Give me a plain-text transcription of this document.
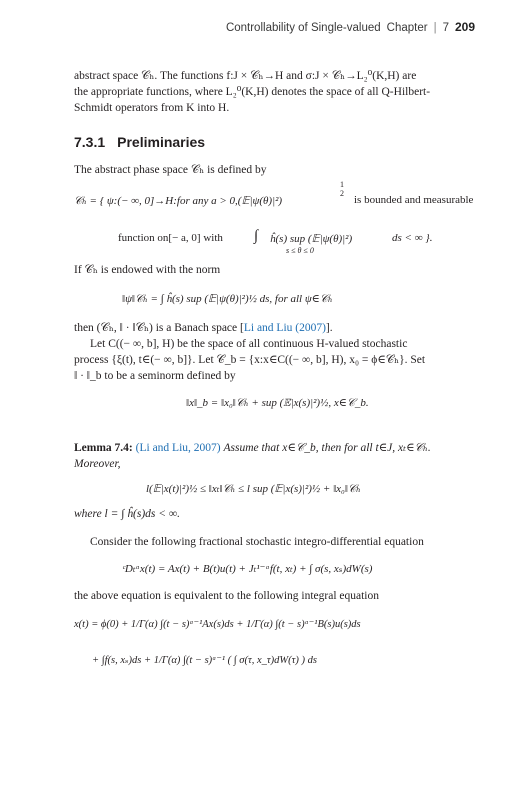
Controllability of Single-valued Chapter | 7 209

abstract space 𝒞ₕ. The functions f:J × 𝒞ₕ→H and σ:J × 𝒞ₕ→L₂⁰(K,H) are

the appropriate functions, where L₂⁰(K,H) denotes the space of all Q-Hilbert-

Schmidt operators from K into H.

7.3.1 Preliminaries

The abstract phase space 𝒞ₕ is defined by

𝒞ₕ = { ψ:(− ∞, 0]→H:for any a > 0,(𝔼|ψ(θ)|²)
1
2
is bounded and measurable
function on[− a, 0] with ∫ ĥ(s) sup (𝔼|ψ(θ)|²)	ds < ∞ }.
s ≤ θ ≤ 0

If 𝒞ₕ is endowed with the norm

‖ψ‖𝒞ₕ = ∫ ĥ(s) sup (𝔼|ψ(θ)|²)½ ds, for all ψ∈𝒞ₕ

then (𝒞ₕ, ‖ · ‖𝒞ₕ) is a Banach space [Li and Liu (2007)].

Let C((− ∞, b], H) be the space of all continuous H-valued stochastic

process {ξ(t), t∈(− ∞, b]}. Let 𝒞_b = {x:x∈C((− ∞, b], H), x₀ = ϕ∈𝒞ₕ}. Set

‖ · ‖_b to be a seminorm defined by

‖x‖_b = ‖x₀‖𝒞ₕ + sup (𝔼|x(s)|²)½, x∈𝒞_b.

Lemma 7.4: (Li and Liu, 2007) Assume that x∈𝒞_b, then for all t∈J, xₜ∈𝒞ₕ.

Moreover,

l(𝔼|x(t)|²)½ ≤ ‖xₜ‖𝒞ₕ ≤ l sup (𝔼|x(s)|²)½ + ‖x₀‖𝒞ₕ

where l = ∫ ĥ(s)ds < ∞.

Consider the following fractional stochastic integro-differential equation

ᶜDₜᵅx(t) = Ax(t) + B(t)u(t) + Jₜ¹⁻ᵅf(t, xₜ) + ∫ σ(s, xₛ)dW(s)

the above equation is equivalent to the following integral equation

x(t) = ϕ(0) + 1/Γ(α) ∫(t − s)ᵅ⁻¹Ax(s)ds + 1/Γ(α) ∫(t − s)ᵅ⁻¹B(s)u(s)ds
+ ∫f(s, xₛ)ds + 1/Γ(α) ∫(t − s)ᵅ⁻¹ ( ∫ σ(τ, x_τ)dW(τ) ) ds
